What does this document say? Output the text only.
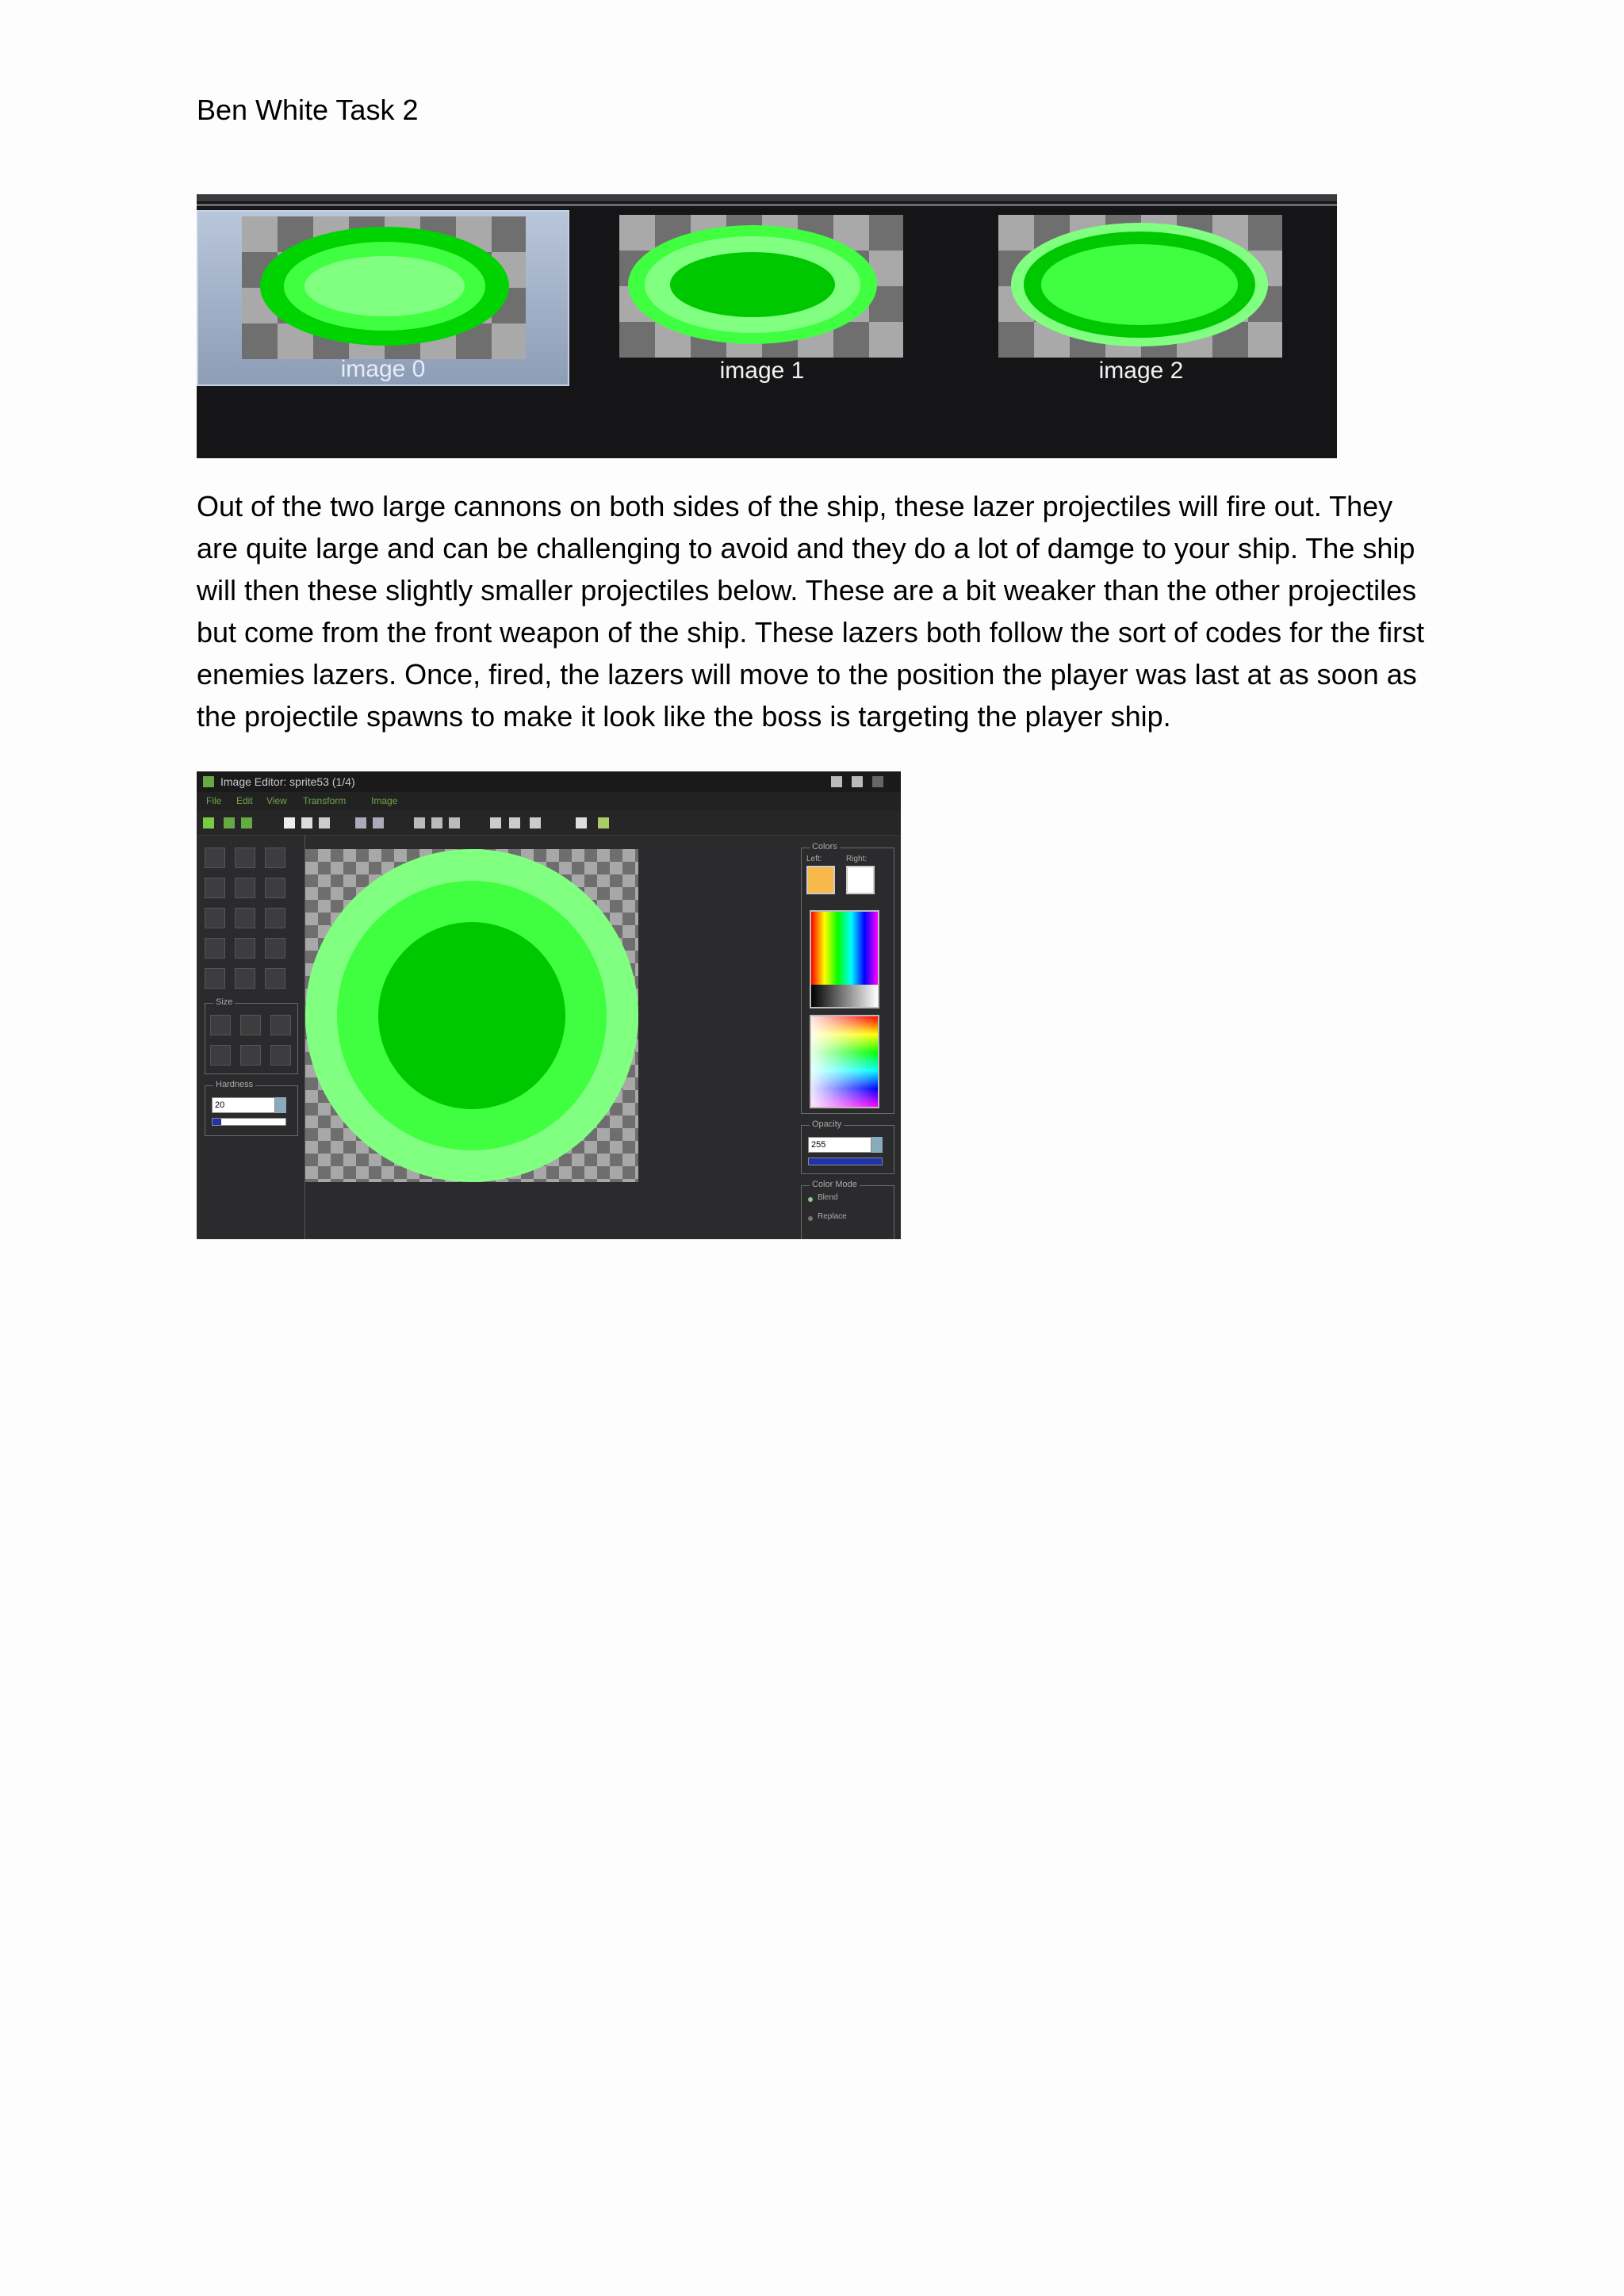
Ben White Task 2
image 0	image 1	image 2
Out of the two large cannons on both sides of the ship, these lazer projectiles will fire out. They are quite large and can be challenging to avoid and they do a lot of damge to your ship. The ship will then these slightly smaller projectiles below. These are a bit weaker than the other projectiles but come from the front weapon of the ship. These lazers both follow the sort of codes for the first enemies lazers. Once, fired, the lazers will move to the position the player was last at as soon as the projectile spawns to make it look like the boss is targeting the player ship.
Image Editor: sprite53 (1/4)
File Edit View Transform	Image
Size
Hardness
20
Colors
Left:	Right:
Opacity
255
Color Mode
Blend
Replace
